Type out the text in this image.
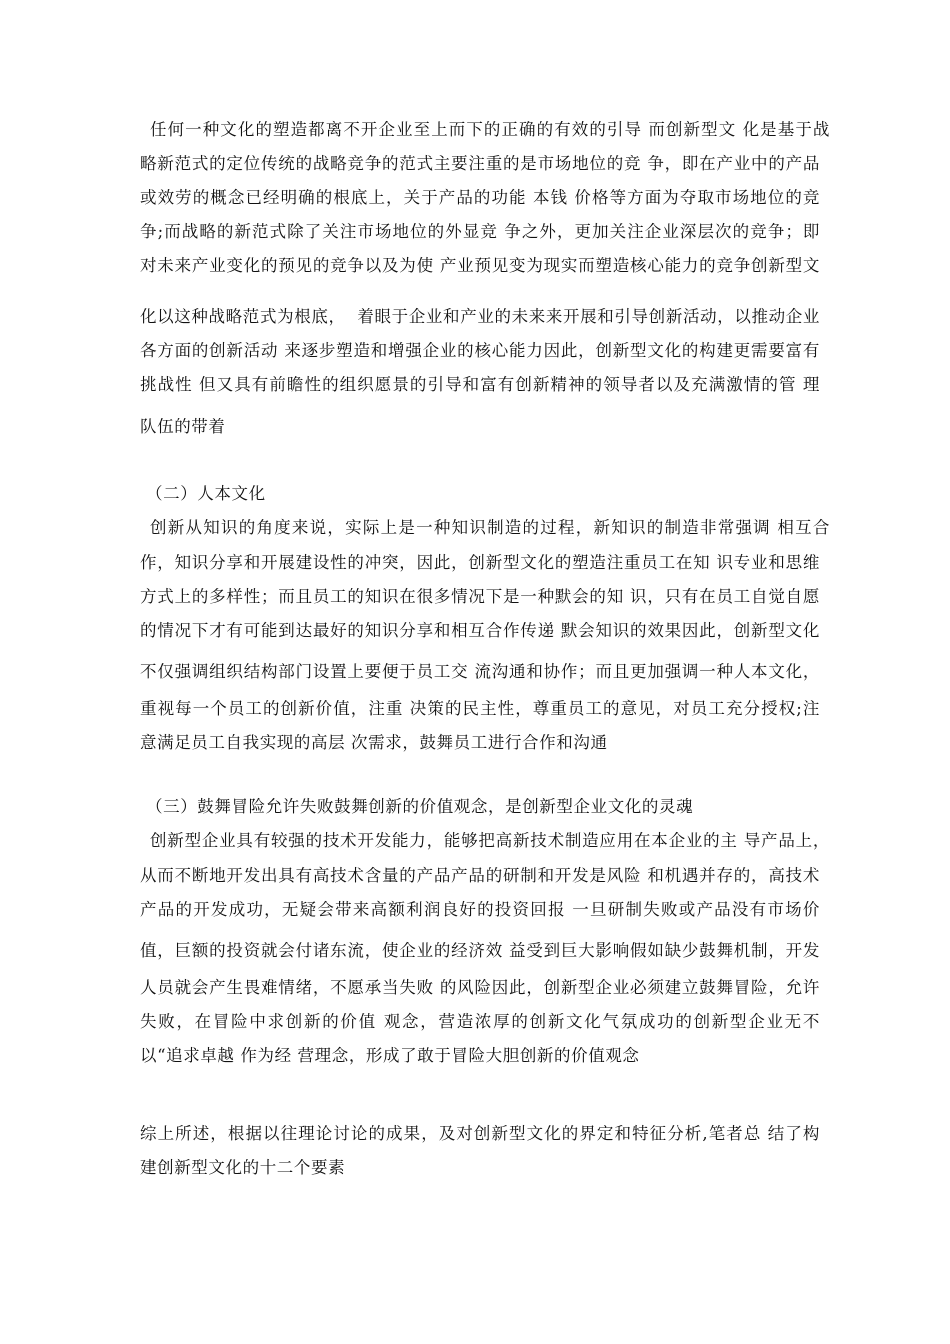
任何一种文化的塑造都离不开企业至上而下的正确的有效的引导 而创新型文 化是基于战
略新范式的定位传统的战略竞争的范式主要注重的是市场地位的竞 争，即在产业中的产品
或效劳的概念已经明确的根底上，关于产品的功能 本钱 价格等方面为夺取市场地位的竞
争;而战略的新范式除了关注市场地位的外显竞 争之外，更加关注企业深层次的竞争；即
对未来产业变化的预见的竞争以及为使 产业预见变为现实而塑造核心能力的竞争创新型文
化以这种战略范式为根底，  着眼于企业和产业的未来来开展和引导创新活动，以推动企业
各方面的创新活动 来逐步塑造和增强企业的核心能力因此，创新型文化的构建更需要富有
挑战性 但又具有前瞻性的组织愿景的引导和富有创新精神的领导者以及充满激情的管 理
队伍的带着
（二）人本文化
创新从知识的角度来说，实际上是一种知识制造的过程，新知识的制造非常强调 相互合
作，知识分享和开展建设性的冲突，因此，创新型文化的塑造注重员工在知 识专业和思维
方式上的多样性；而且员工的知识在很多情况下是一种默会的知 识，只有在员工自觉自愿
的情况下才有可能到达最好的知识分享和相互合作传递 默会知识的效果因此，创新型文化
不仅强调组织结构部门设置上要便于员工交 流沟通和协作；而且更加强调一种人本文化，
重视每一个员工的创新价值，注重 决策的民主性，尊重员工的意见，对员工充分授权;注
意满足员工自我实现的高层 次需求，鼓舞员工进行合作和沟通
（三）鼓舞冒险允许失败鼓舞创新的价值观念，是创新型企业文化的灵魂
创新型企业具有较强的技术开发能力，能够把高新技术制造应用在本企业的主 导产品上，
从而不断地开发出具有高技术含量的产品产品的研制和开发是风险 和机遇并存的，高技术
产品的开发成功，无疑会带来高额利润良好的投资回报 一旦研制失败或产品没有市场价
值，巨额的投资就会付诸东流，使企业的经济效 益受到巨大影响假如缺少鼓舞机制，开发
人员就会产生畏难情绪，不愿承当失败 的风险因此，创新型企业必须建立鼓舞冒险，允许
失败，在冒险中求创新的价值 观念，营造浓厚的创新文化气氛成功的创新型企业无不
以“追求卓越 作为经 营理念，形成了敢于冒险大胆创新的价值观念
综上所述，根据以往理论讨论的成果，及对创新型文化的界定和特征分析,笔者总 结了构
建创新型文化的十二个要素
